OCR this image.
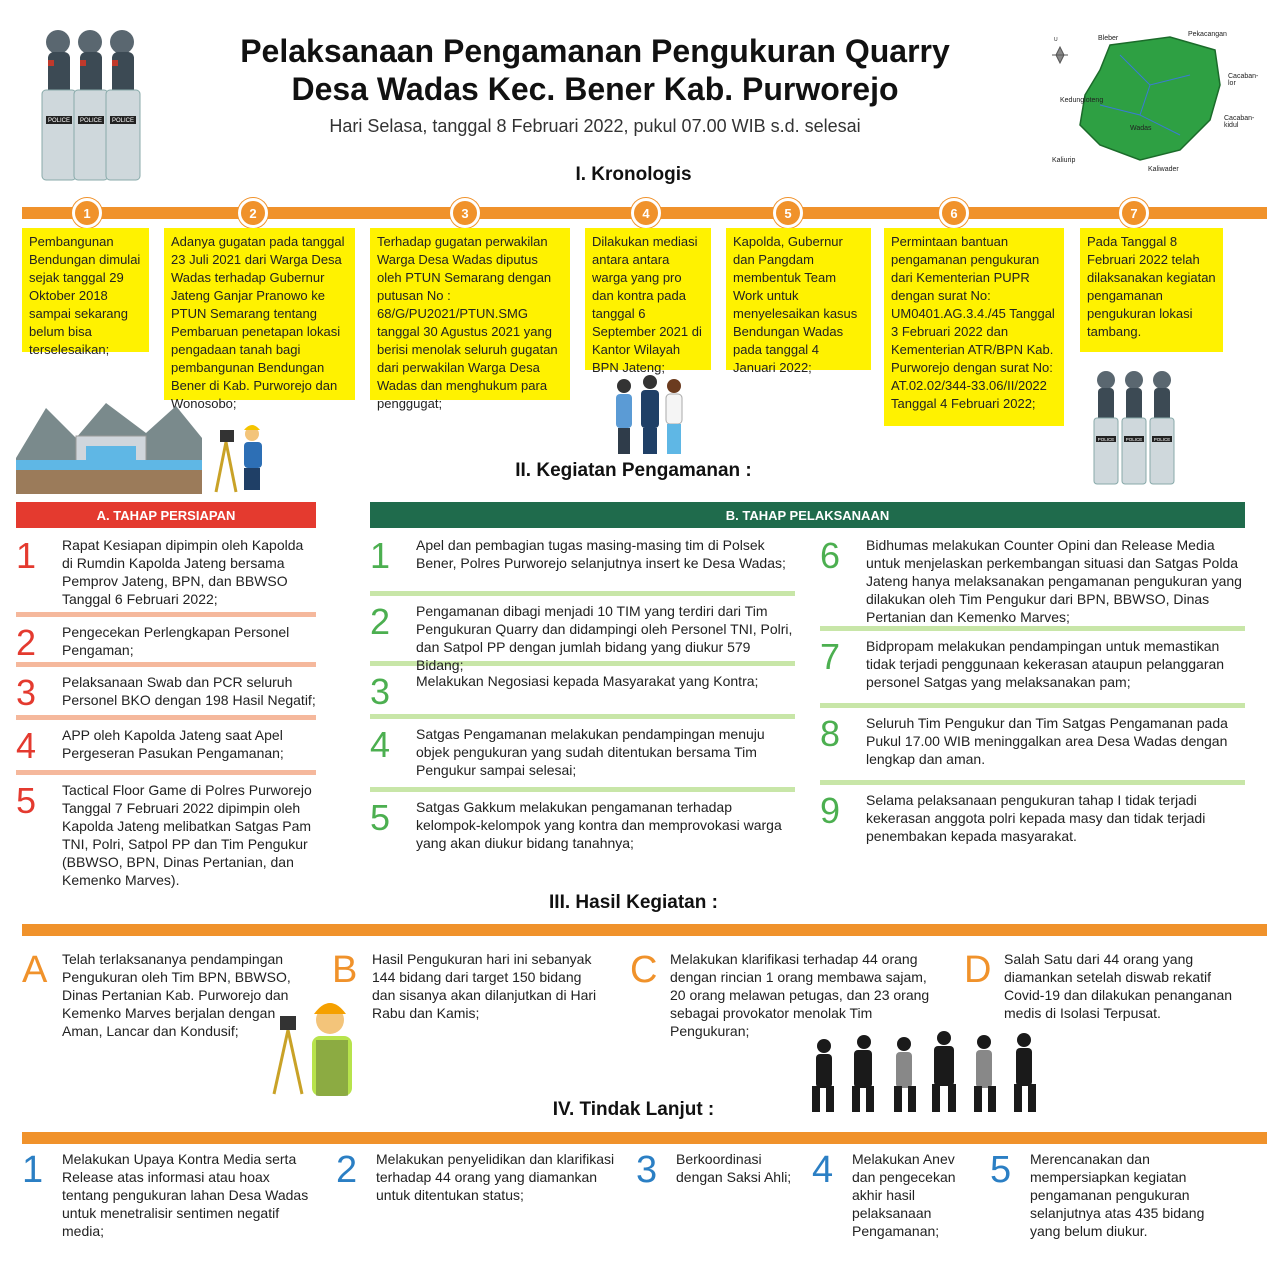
POLICE POLICE POLICE
Pelaksanaan Pengamanan Pengukuran Quarry
Desa Wadas Kec. Bener Kab. Purworejo
Hari Selasa, tanggal 8 Februari 2022, pukul 07.00 WIB s.d. selesai
U	Bleber
Pekacangan
Cacaban-lor
Kedungloteng
Wadas
Cacaban-kidul
Kaliurip
Kaliwader
I. Kronologis
1	2	3	4	5	6	7
Pembangunan Bendungan dimulai sejak tanggal 29 Oktober 2018 sampai sekarang belum bisa terselesaikan;
Adanya gugatan pada tanggal 23 Juli 2021 dari Warga Desa Wadas terhadap Gubernur Jateng Ganjar Pranowo ke PTUN Semarang tentang Pembaruan penetapan lokasi pengadaan tanah bagi pembangunan Bendungan Bener di Kab. Purworejo dan Wonosobo;
Terhadap gugatan perwakilan Warga Desa Wadas diputus oleh PTUN Semarang dengan putusan No : 68/G/PU2021/PTUN.SMG tanggal 30 Agustus 2021 yang berisi menolak seluruh gugatan dari perwakilan Warga Desa Wadas dan menghukum para penggugat;
Dilakukan mediasi antara antara warga yang pro dan kontra pada tanggal 6 September 2021 di Kantor Wilayah BPN Jateng;
Kapolda, Gubernur dan Pangdam membentuk Team Work untuk menyelesaikan kasus Bendungan Wadas pada tanggal 4 Januari 2022;
Permintaan bantuan pengamanan pengukuran dari Kementerian PUPR dengan surat No: UM0401.AG.3.4./45 Tanggal 3 Februari 2022 dan Kementerian ATR/BPN Kab. Purworejo dengan surat No: AT.02.02/344-33.06/II/2022 Tanggal 4 Februari 2022;
Pada Tanggal 8 Februari 2022 telah dilaksanakan kegiatan pengamanan pengukuran lokasi tambang.
POLICE	POLICE	POLICE
II. Kegiatan Pengamanan :
A. TAHAP PERSIAPAN
1	Rapat Kesiapan dipimpin oleh Kapolda di Rumdin Kapolda Jateng bersama Pemprov Jateng, BPN, dan BBWSO Tanggal 6 Februari 2022;
2	Pengecekan Perlengkapan Personel Pengaman;
3	Pelaksanaan Swab dan PCR seluruh Personel BKO dengan 198 Hasil Negatif;
4	APP oleh Kapolda Jateng saat Apel Pergeseran Pasukan Pengamanan;
5	Tactical Floor Game di Polres Purworejo Tanggal 7 Februari 2022 dipimpin oleh Kapolda Jateng melibatkan Satgas Pam TNI, Polri, Satpol PP dan Tim Pengukur (BBWSO, BPN, Dinas Pertanian, dan Kemenko Marves).
B. TAHAP PELAKSANAAN
1	Apel dan pembagian tugas masing-masing tim di Polsek Bener, Polres Purworejo selanjutnya insert ke Desa Wadas;
2	Pengamanan dibagi menjadi 10 TIM yang terdiri dari Tim Pengukuran Quarry dan didampingi oleh Personel TNI, Polri, dan Satpol PP dengan jumlah bidang yang diukur 579 Bidang;
3	Melakukan Negosiasi kepada Masyarakat yang Kontra;
4	Satgas Pengamanan melakukan pendampingan menuju objek pengukuran yang sudah ditentukan bersama Tim Pengukur sampai selesai;
5	Satgas Gakkum melakukan pengamanan terhadap kelompok-kelompok yang kontra dan memprovokasi warga yang akan diukur bidang tanahnya;
6	Bidhumas melakukan Counter Opini dan Release Media untuk menjelaskan perkembangan situasi dan Satgas Polda Jateng hanya melaksanakan pengamanan pengukuran yang dilakukan oleh Tim Pengukur dari BPN, BBWSO, Dinas Pertanian dan Kemenko Marves;
7	Bidpropam melakukan pendampingan untuk memastikan tidak terjadi penggunaan kekerasan ataupun pelanggaran personel Satgas yang melaksanakan pam;
8	Seluruh Tim Pengukur dan Tim Satgas Pengamanan pada Pukul 17.00 WIB meninggalkan area Desa Wadas dengan lengkap dan aman.
9	Selama pelaksanaan pengukuran tahap I tidak terjadi kekerasan anggota polri kepada masy dan tidak terjadi penembakan kepada masyarakat.
III. Hasil Kegiatan :
A	Telah terlaksananya pendampingan Pengukuran oleh Tim BPN, BBWSO, Dinas Pertanian Kab. Purworejo dan Kemenko Marves berjalan dengan Aman, Lancar dan Kondusif;
B	Hasil Pengukuran hari ini sebanyak 144 bidang dari target 150 bidang dan sisanya akan dilanjutkan di Hari Rabu dan Kamis;
C Melakukan klarifikasi terhadap 44 orang dengan rincian 1 orang membawa sajam, 20 orang melawan petugas, dan 23 orang sebagai provokator menolak Tim Pengukuran;
D Salah Satu dari 44 orang yang diamankan setelah diswab rekatif Covid-19 dan dilakukan penanganan medis di Isolasi Terpusat.
IV. Tindak Lanjut :
1	Melakukan Upaya Kontra Media serta Release atas informasi atau hoax tentang pengukuran lahan Desa Wadas untuk menetralisir sentimen negatif media;
2	Melakukan penyelidikan dan klarifikasi terhadap 44 orang yang diamankan untuk ditentukan status;
3	Berkoordinasi dengan Saksi Ahli; 4	Melakukan Anev dan pengecekan akhir hasil pelaksanaan Pengamanan;
5	Merencanakan dan mempersiapkan kegiatan pengamanan pengukuran selanjutnya atas 435 bidang yang belum diukur.
